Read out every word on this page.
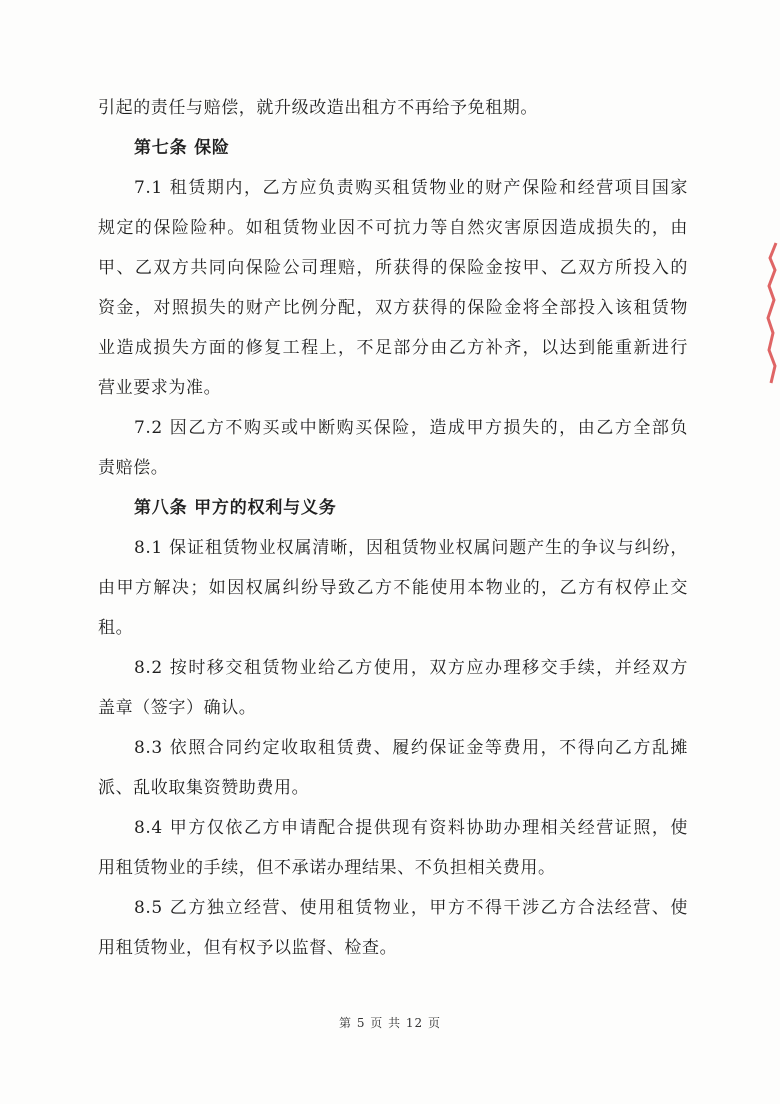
引起的责任与赔偿，就升级改造出租方不再给予免租期。

第七条 保险

7.1 租赁期内，乙方应负责购买租赁物业的财产保险和经营项目国家

规定的保险险种。如租赁物业因不可抗力等自然灾害原因造成损失的，由

甲、乙双方共同向保险公司理赔，所获得的保险金按甲、乙双方所投入的

资金，对照损失的财产比例分配，双方获得的保险金将全部投入该租赁物

业造成损失方面的修复工程上，不足部分由乙方补齐，以达到能重新进行

营业要求为准。

7.2 因乙方不购买或中断购买保险，造成甲方损失的，由乙方全部负

责赔偿。

第八条 甲方的权利与义务

8.1 保证租赁物业权属清晰，因租赁物业权属问题产生的争议与纠纷，

由甲方解决；如因权属纠纷导致乙方不能使用本物业的，乙方有权停止交

租。

8.2 按时移交租赁物业给乙方使用，双方应办理移交手续，并经双方

盖章（签字）确认。

8.3 依照合同约定收取租赁费、履约保证金等费用，不得向乙方乱摊

派、乱收取集资赞助费用。

8.4 甲方仅依乙方申请配合提供现有资料协助办理相关经营证照，使

用租赁物业的手续，但不承诺办理结果、不负担相关费用。

8.5 乙方独立经营、使用租赁物业，甲方不得干涉乙方合法经营、使

用租赁物业，但有权予以监督、检查。

第 5 页 共 12 页
